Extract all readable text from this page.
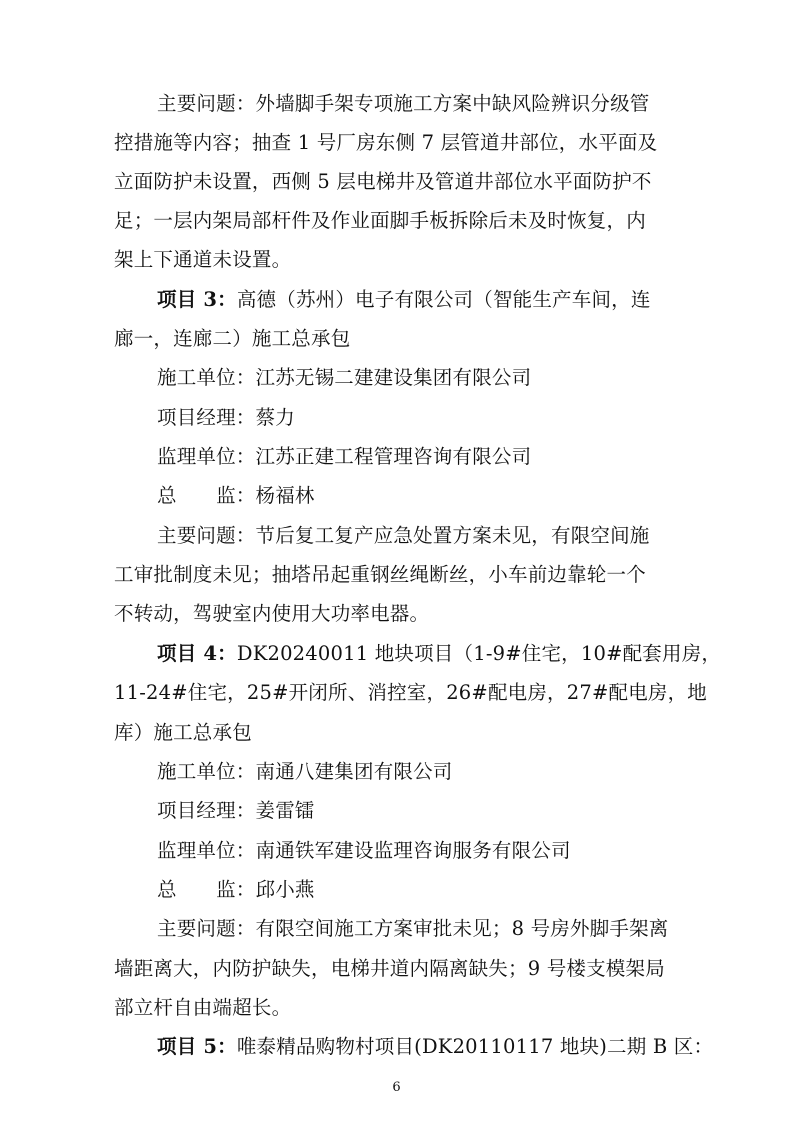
主要问题：外墙脚手架专项施工方案中缺风险辨识分级管
控措施等内容；抽查 1 号厂房东侧 7 层管道井部位，水平面及
立面防护未设置，西侧 5 层电梯井及管道井部位水平面防护不
足；一层内架局部杆件及作业面脚手板拆除后未及时恢复，内
架上下通道未设置。
项目 3：高德（苏州）电子有限公司（智能生产车间，连
廊一，连廊二）施工总承包
施工单位：江苏无锡二建建设集团有限公司
项目经理：蔡力
监理单位：江苏正建工程管理咨询有限公司
总　　监：杨福林
主要问题：节后复工复产应急处置方案未见，有限空间施
工审批制度未见；抽塔吊起重钢丝绳断丝，小车前边靠轮一个
不转动，驾驶室内使用大功率电器。
项目 4：DK20240011 地块项目（1-9#住宅，10#配套用房，
11-24#住宅，25#开闭所、消控室，26#配电房，27#配电房，地
库）施工总承包
施工单位：南通八建集团有限公司
项目经理：姜雷镭
监理单位：南通铁军建设监理咨询服务有限公司
总　　监：邱小燕
主要问题：有限空间施工方案审批未见；8 号房外脚手架离
墙距离大，内防护缺失，电梯井道内隔离缺失；9 号楼支模架局
部立杆自由端超长。
项目 5：唯泰精品购物村项目(DK20110117 地块)二期 B 区：
6
